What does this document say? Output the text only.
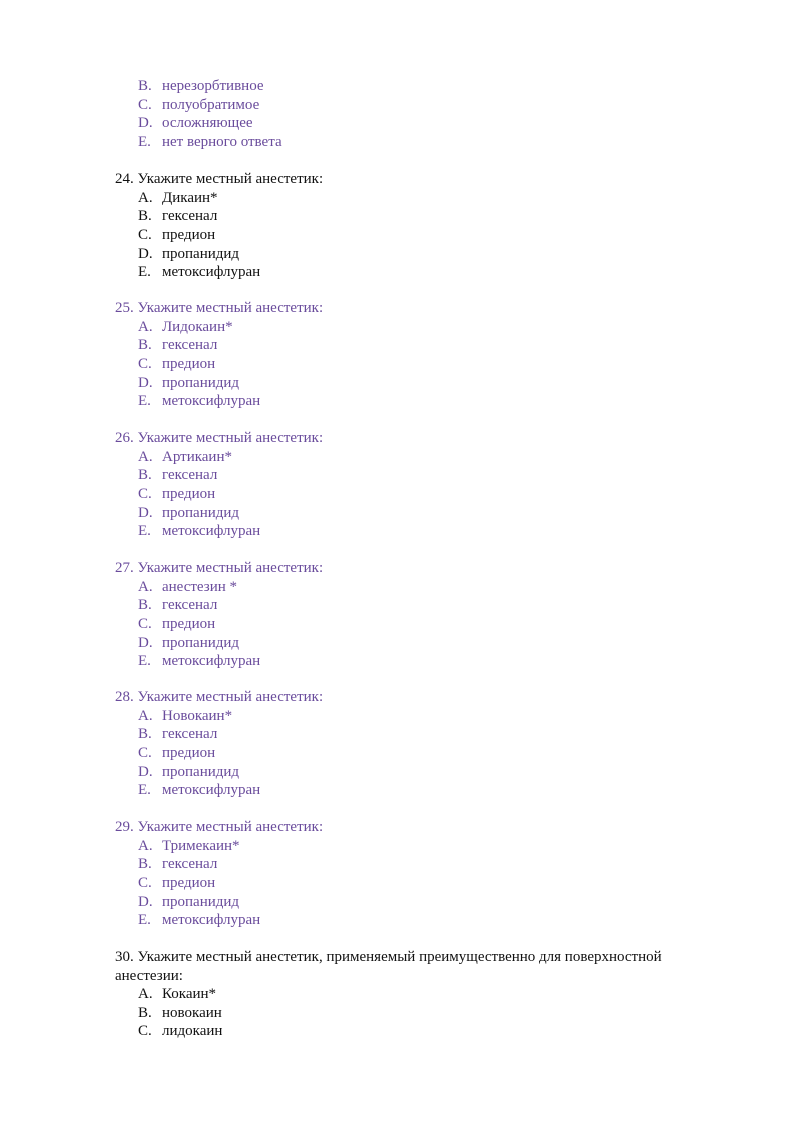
B. нерезорбтивное
C. полуобратимое
D. осложняющее
E. нет верного ответа

24. Укажите местный анестетик:

A. Дикаин*
B. гексенал
C. предион
D. пропанидид
E. метоксифлуран

25. Укажите местный анестетик:

A. Лидокаин*
B. гексенал
C. предион
D. пропанидид
E. метоксифлуран

26. Укажите местный анестетик:

A. Артикаин*
B. гексенал
C. предион
D. пропанидид
E. метоксифлуран

27. Укажите местный анестетик:

A. анестезин *
B. гексенал
C. предион
D. пропанидид
E. метоксифлуран

28. Укажите местный анестетик:

A. Новокаин*
B. гексенал
C. предион
D. пропанидид
E. метоксифлуран

29. Укажите местный анестетик:

A. Тримекаин*
B. гексенал
C. предион
D. пропанидид
E. метоксифлуран

30. Укажите местный анестетик, применяемый преимущественно для поверхностной анестезии:

A. Кокаин*
B. новокаин
C. лидокаин
